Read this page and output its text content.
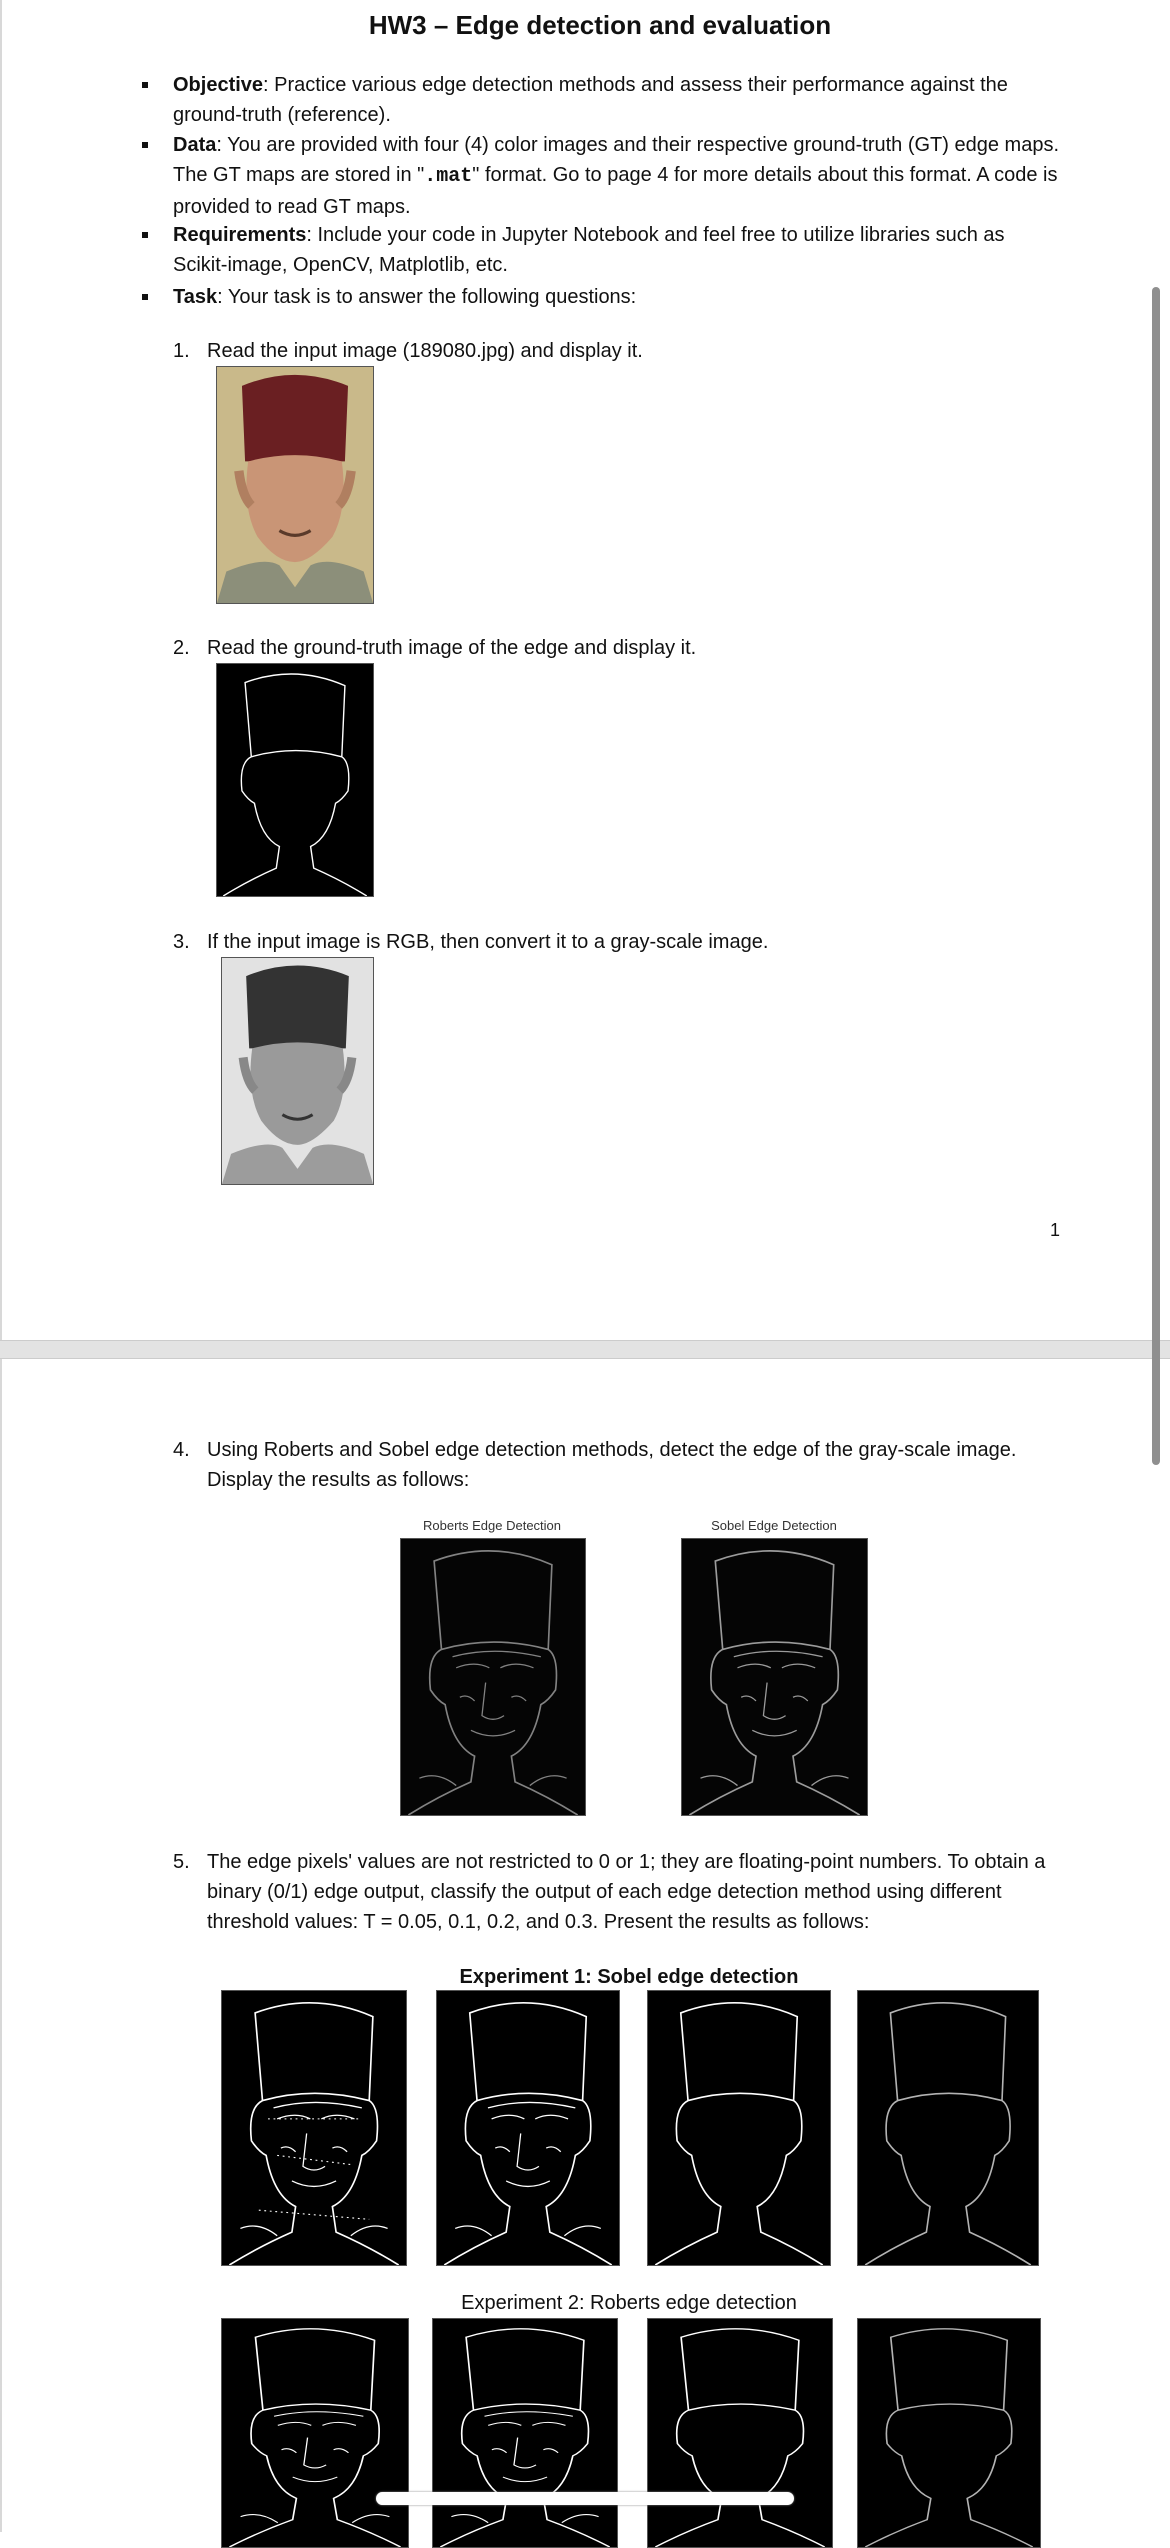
HW3 – Edge detection and evaluation
Objective: Practice various edge detection methods and assess their performance against the ground-truth (reference).
Data: You are provided with four (4) color images and their respective ground-truth (GT) edge maps. The GT maps are stored in ".mat" format. Go to page 4 for more details about this format. A code is provided to read GT maps.
Requirements: Include your code in Jupyter Notebook and feel free to utilize libraries such as Scikit-image, OpenCV, Matplotlib, etc.
Task: Your task is to answer the following questions:
1. Read the input image (189080.jpg) and display it.
2. Read the ground-truth image of the edge and display it.
3. If the input image is RGB, then convert it to a gray-scale image.
1
4. Using Roberts and Sobel edge detection methods, detect the edge of the gray-scale image. Display the results as follows:
Roberts Edge Detection	Sobel Edge Detection
5. The edge pixels' values are not restricted to 0 or 1; they are floating-point numbers. To obtain a binary (0/1) edge output, classify the output of each edge detection method using different threshold values: T = 0.05, 0.1, 0.2, and 0.3. Present the results as follows:
Experiment 1: Sobel edge detection
Experiment 2: Roberts edge detection
